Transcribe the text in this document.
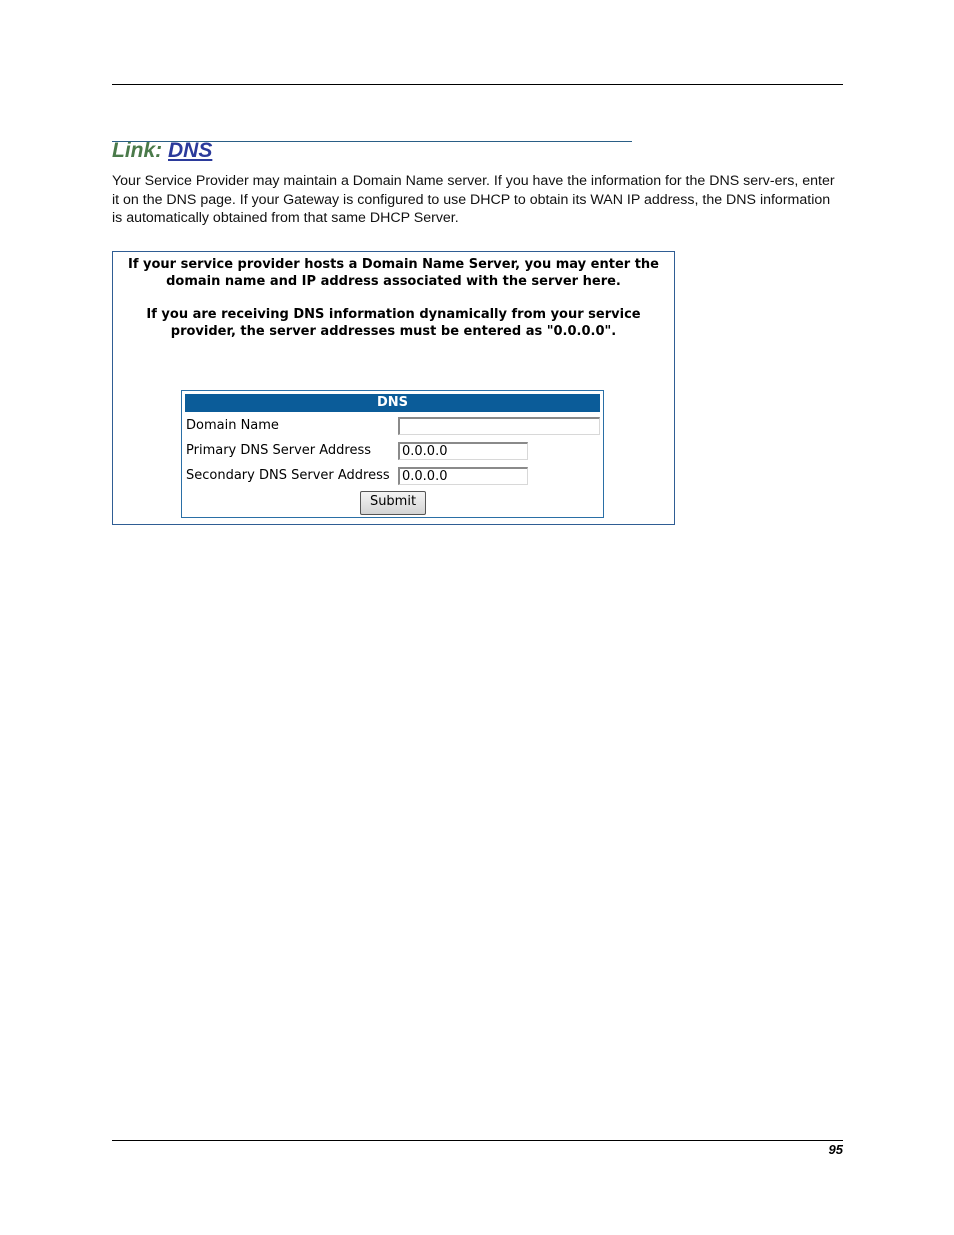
Link: DNS

Your Service Provider may maintain a Domain Name server. If you have the information for the DNS serv-ers, enter it on the DNS page. If your Gateway is configured to use DHCP to obtain its WAN IP address, the DNS information is automatically obtained from that same DHCP Server.

If your service provider hosts a Domain Name Server, you may enter the domain name and IP address associated with the server here.
If you are receiving DNS information dynamically from your service provider, the server addresses must be entered as "0.0.0.0".
DNS
Domain Name
Primary DNS Server Address
0.0.0.0
Secondary DNS Server Address
0.0.0.0
Submit
95
